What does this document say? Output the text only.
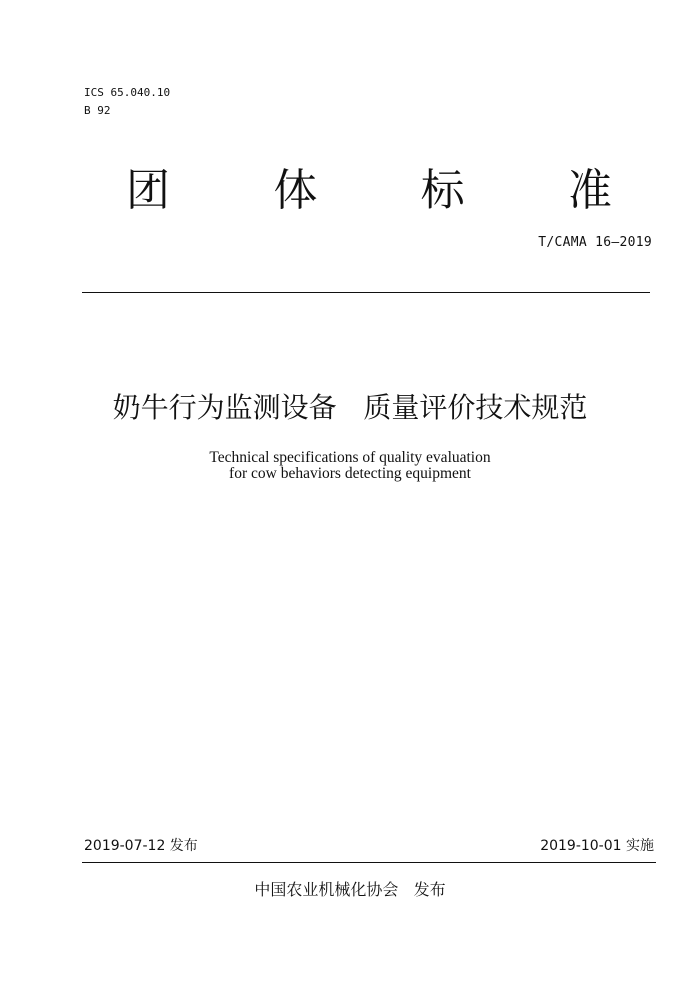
ICS 65.040.10
B 92
团	体	标	准
T/CAMA 16—2019
奶牛行为监测设备   质量评价技术规范
Technical specifications of quality evaluation
for cow behaviors detecting equipment
2019-07-12 发布	2019-10-01 实施
中国农业机械化协会   发布
